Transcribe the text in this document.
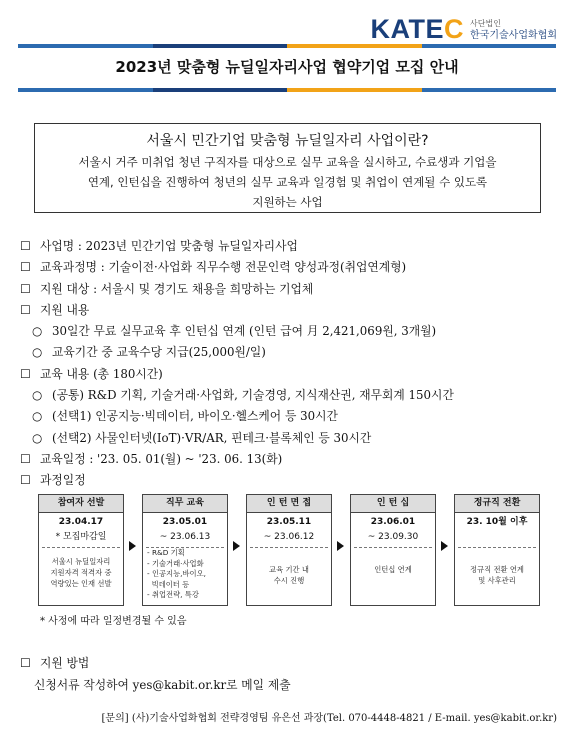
KATEC 사단법인
한국기술사업화협회
2023년 맞춤형 뉴딜일자리사업 협약기업 모집 안내
서울시 민간기업 맞춤형 뉴딜일자리 사업이란?
서울시 거주 미취업 청년 구직자를 대상으로 실무 교육을 실시하고, 수료생과 기업을
연계, 인턴십을 진행하여 청년의 실무 교육과 일경험 및 취업이 연계될 수 있도록
지원하는 사업
☐ 사업명 : 2023년 민간기업 맞춤형 뉴딜일자리사업
☐ 교육과정명 : 기술이전·사업화 직무수행 전문인력 양성과정(취업연계형)
☐ 지원 대상 : 서울시 및 경기도 채용을 희망하는 기업체
☐ 지원 내용
○ 30일간 무료 실무교육 후 인턴십 연계 (인턴 급여 月 2,421,069원, 3개월)
○ 교육기간 중 교육수당 지급(25,000원/일)
☐ 교육 내용 (총 180시간)
○ (공통) R&D 기획, 기술거래·사업화, 기술경영, 지식재산권, 재무회계 150시간
○ (선택1) 인공지능·빅데이터, 바이오·헬스케어 등 30시간
○ (선택2) 사물인터넷(IoT)·VR/AR, 핀테크·블록체인 등 30시간
☐ 교육일정 : '23. 05. 01(월) ~ '23. 06. 13(화)
☐ 과정일정
참여자 선발
23.04.17
* 모집마감일
서울시 뉴딜일자리
지원자격 적격자 중
역량있는 인재 선발
직무 교육
23.05.01
~ 23.06.13
- R&D 기획
- 기술거래·사업화
- 인공지능,바이오,
빅데이터 등
- 취업전략, 특강
인 턴 면 접
23.05.11
~ 23.06.12
교육 기간 내
수시 진행
인 턴 십
23.06.01
~ 23.09.30
인턴십 연계
정규직 전환
23. 10월 이후
정규직 전환 연계
및 사후관리
* 사정에 따라 일정변경될 수 있음
☐ 지원 방법
신청서류 작성하여 yes@kabit.or.kr로 메일 제출
[문의] (사)기술사업화협회 전략경영팀 유은선 과장(Tel. 070-4448-4821 / E-mail. yes@kabit.or.kr)
